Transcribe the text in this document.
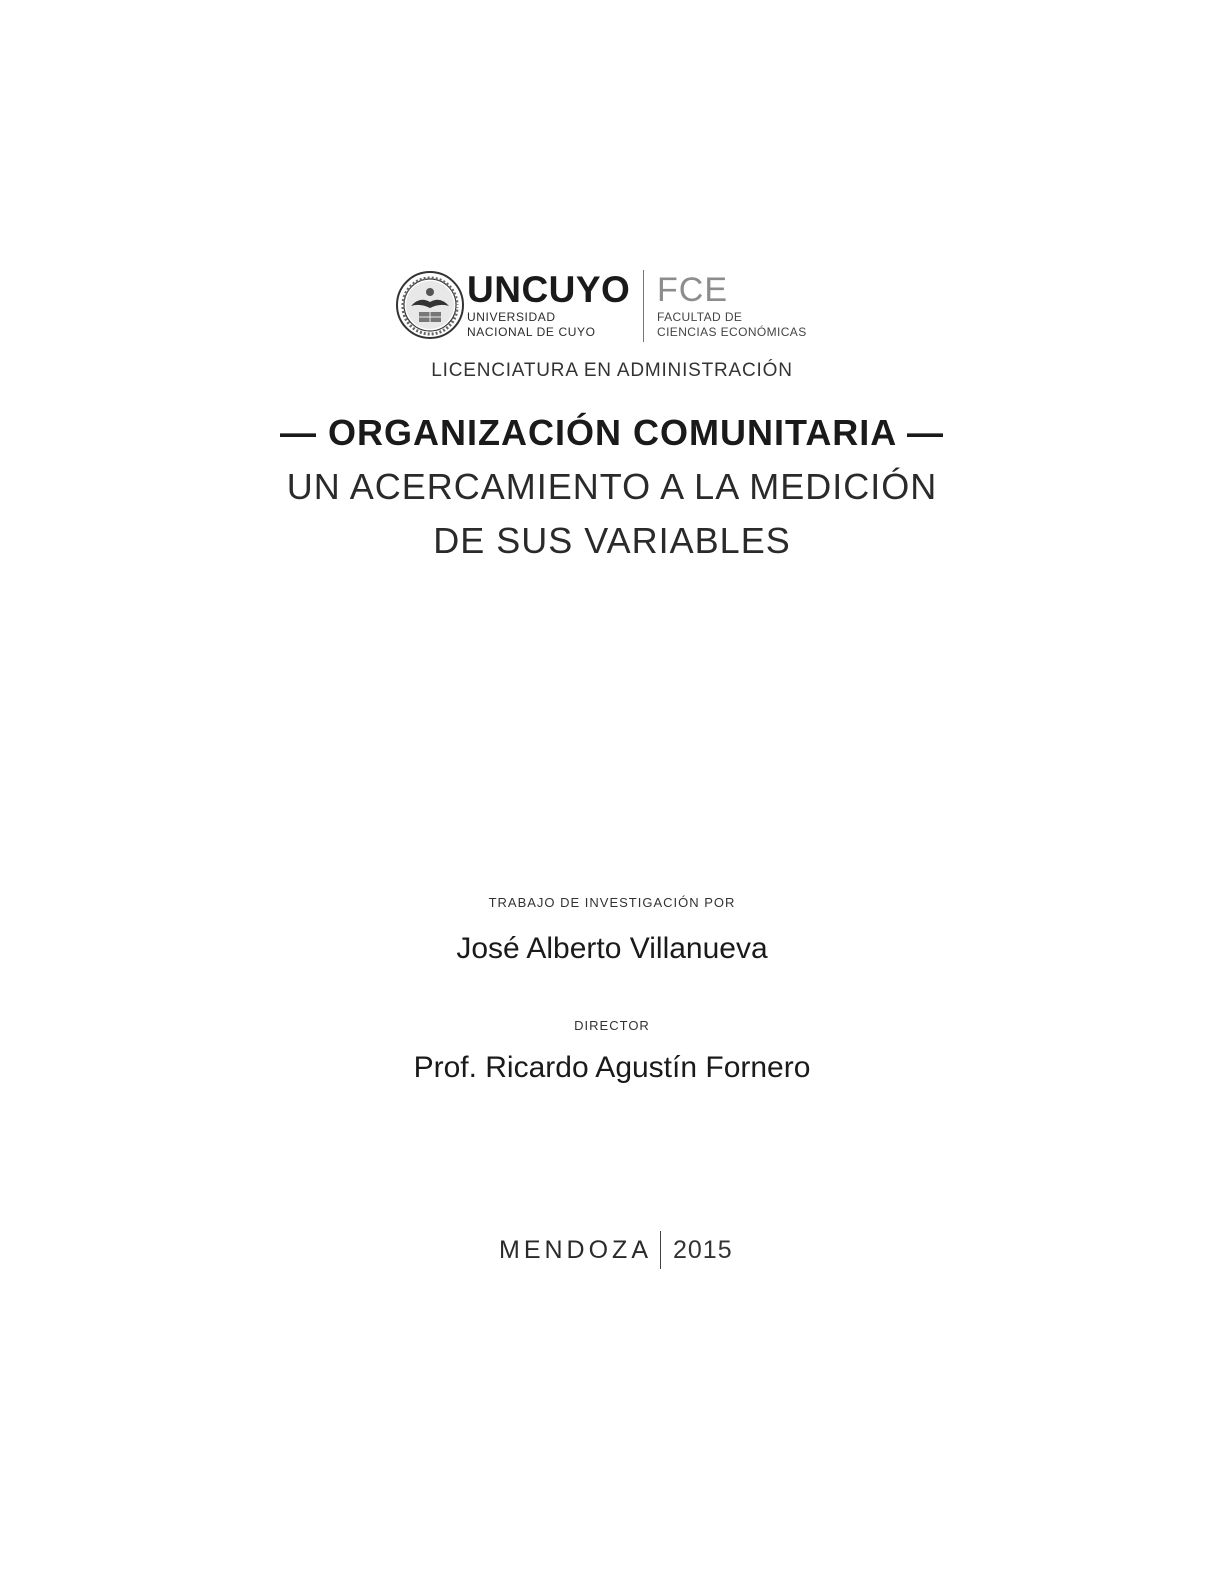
UNCUYO
UNIVERSIDAD
NACIONAL DE CUYO
FCE
FACULTAD DE
CIENCIAS ECONÓMICAS
LICENCIATURA EN ADMINISTRACIÓN
— ORGANIZACIÓN COMUNITARIA —
UN ACERCAMIENTO A LA MEDICIÓN
DE SUS VARIABLES
TRABAJO DE INVESTIGACIÓN POR
José Alberto Villanueva
DIRECTOR
Prof. Ricardo Agustín Fornero
MENDOZA 2015
